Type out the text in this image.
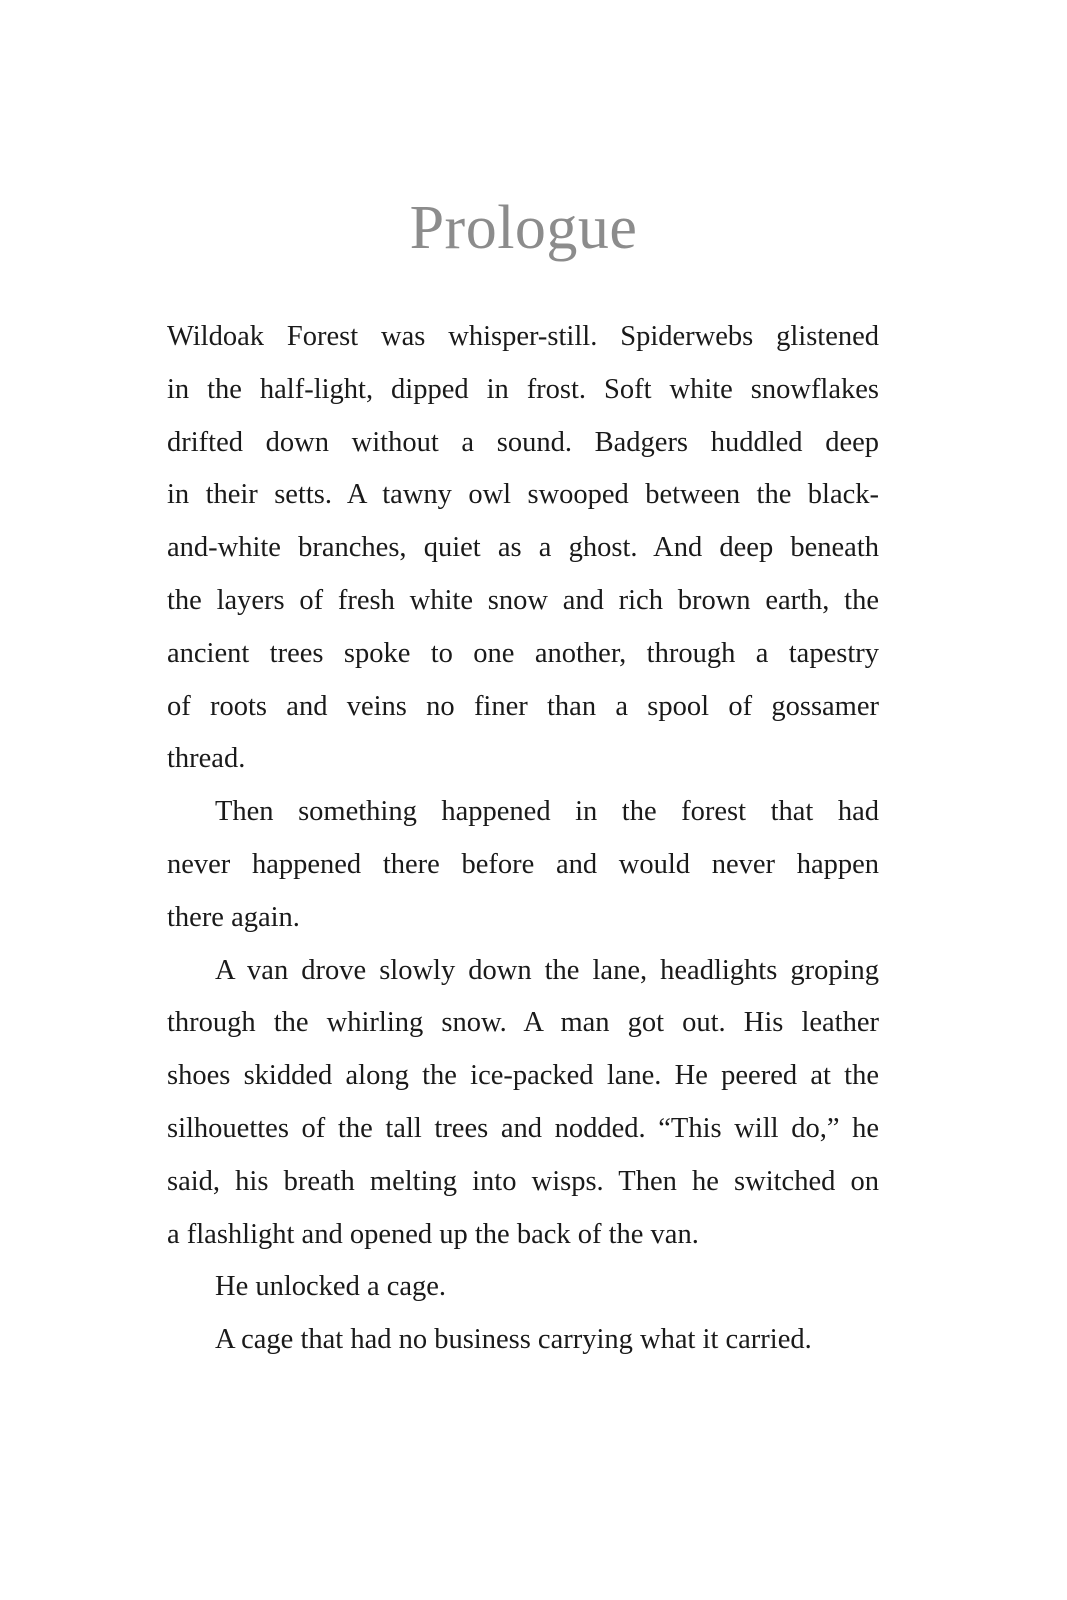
Prologue

Wildoak Forest was whisper-still. Spiderwebs glistened
in the half-light, dipped in frost. Soft white snowflakes
drifted down without a sound. Badgers huddled deep
in their setts. A tawny owl swooped between the black-
and-white branches, quiet as a ghost. And deep beneath
the layers of fresh white snow and rich brown earth, the
ancient trees spoke to one another, through a tapestry
of roots and veins no finer than a spool of gossamer
thread.

Then something happened in the forest that had
never happened there before and would never happen
there again.

A van drove slowly down the lane, headlights groping
through the whirling snow. A man got out. His leather
shoes skidded along the ice-packed lane. He peered at the
silhouettes of the tall trees and nodded. “This will do,” he
said, his breath melting into wisps. Then he switched on
a flashlight and opened up the back of the van.

He unlocked a cage.

A cage that had no business carrying what it carried.
